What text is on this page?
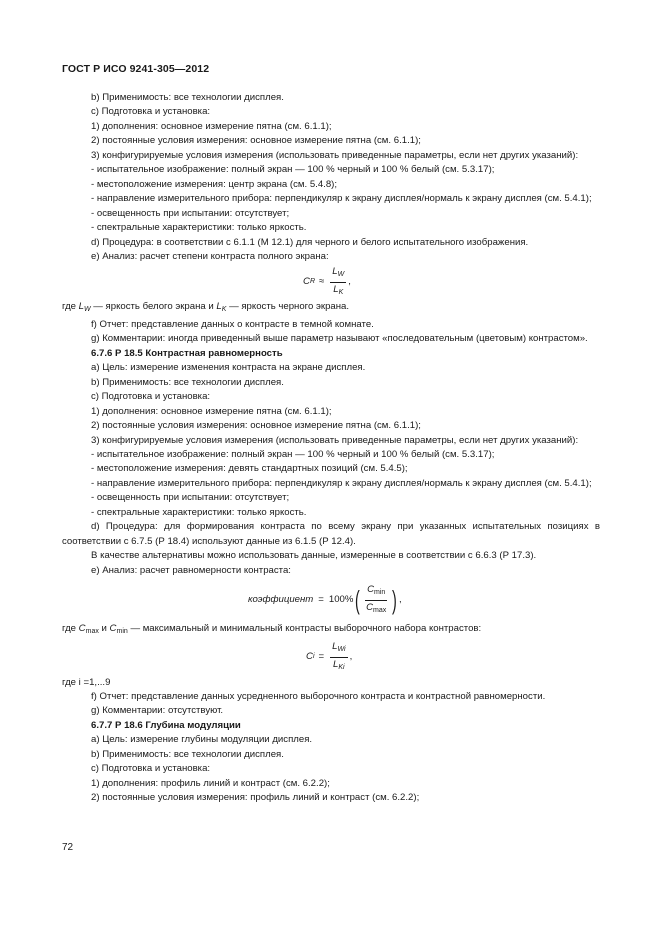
ГОСТ Р ИСО 9241-305—2012

b) Применимость: все технологии дисплея.

c) Подготовка и установка:

1) дополнения: основное измерение пятна (см. 6.1.1);

2) постоянные условия измерения: основное измерение пятна (см. 6.1.1);

3) конфигурируемые условия измерения (использовать приведенные параметры, если нет других указаний):

- испытательное изображение: полный экран — 100 % черный и 100 % белый (см. 5.3.17);

- местоположение измерения: центр экрана (см. 5.4.8);

- направление измерительного прибора: перпендикуляр к экрану дисплея/нормаль к экрану дисплея (см. 5.4.1);

- освещенность при испытании: отсутствует;

- спектральные характеристики: только яркость.

d) Процедура: в соответствии с 6.1.1 (М 12.1) для черного и белого испытательного изображения.

e) Анализ: расчет степени контраста полного экрана:

C $R \approx \frac{L_W}{L_K}$ ,

где $L_W$ — яркость белого экрана и $L_K$ — яркость черного экрана.

f) Отчет: представление данных о контрасте в темной комнате.

g) Комментарии: иногда приведенный выше параметр называют «последовательным (цветовым) контрастом».

6.7.6 Р 18.5 Контрастная равномерность

a) Цель: измерение изменения контраста на экране дисплея.

b) Применимость: все технологии дисплея.

c) Подготовка и установка:

1) дополнения: основное измерение пятна (см. 6.1.1);

2) постоянные условия измерения: основное измерение пятна (см. 6.1.1);

3) конфигурируемые условия измерения (использовать приведенные параметры, если нет других указаний):

- испытательное изображение: полный экран — 100 % черный и 100 % белый (см. 5.3.17);

- местоположение измерения: девять стандартных позиций (см. 5.4.5);

- направление измерительного прибора: перпендикуляр к экрану дисплея/нормаль к экрану дисплея (см. 5.4.1);

- освещенность при испытании: отсутствует;

- спектральные характеристики: только яркость.

d) Процедура: для формирования контраста по всему экрану при указанных испытательных позициях в соответствии с 6.7.5 (Р 18.4) используют данные из 6.1.5 (Р 12.4).

В качестве альтернативы можно использовать данные, измеренные в соответствии с 6.6.3 (Р 17.3).

e) Анализ: расчет равномерности контраста:

коэффициент = 100% ( $\frac{C_{min}}{C_{max}}$ ) ,

где $C_{max}$ и $C_{min}$ — максимальный и минимальный контрасты выборочного набора контрастов:

C $i = \frac{L_{Wi}}{L_{Ki}}$ ,

где i =1,...9

f) Отчет: представление данных усредненного выборочного контраста и контрастной равномерности.

g) Комментарии: отсутствуют.

6.7.7 Р 18.6 Глубина модуляции

a) Цель: измерение глубины модуляции дисплея.

b) Применимость: все технологии дисплея.

c) Подготовка и установка:

1) дополнения: профиль линий и контраст (см. 6.2.2);

2) постоянные условия измерения: профиль линий и контраст (см. 6.2.2);

72
